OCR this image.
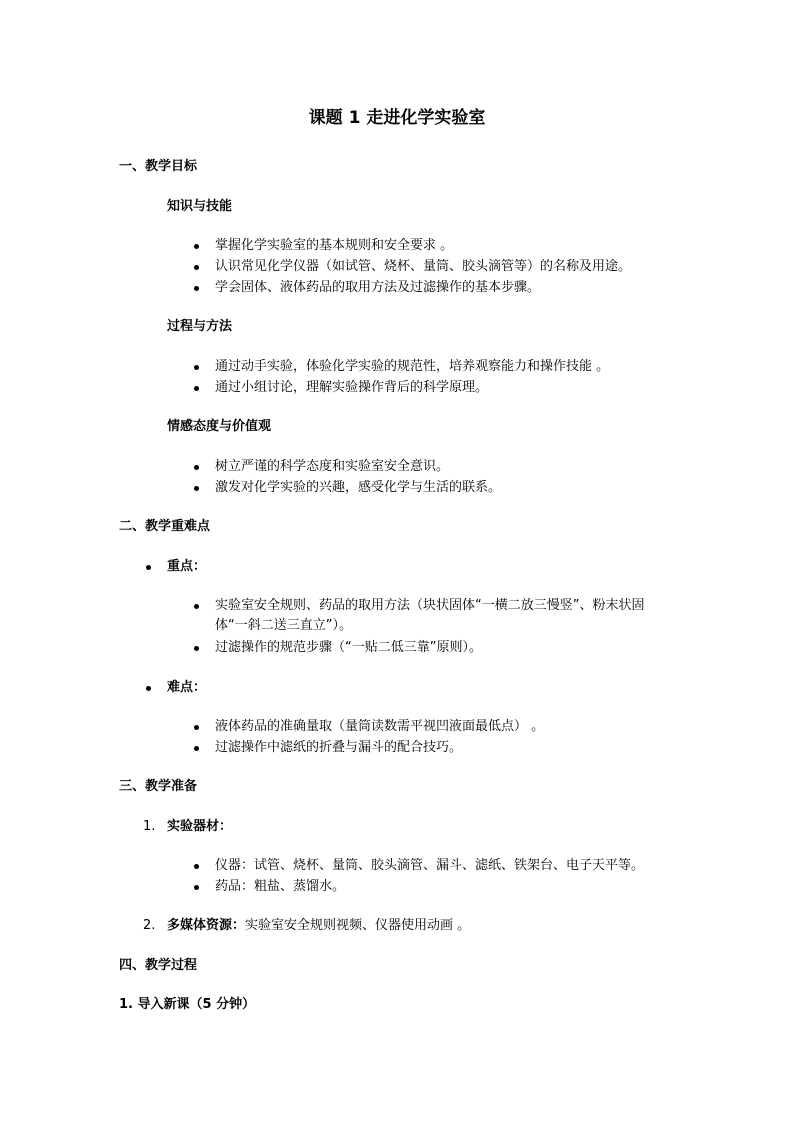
课题 1 走进化学实验室
一、教学目标
知识与技能
掌握化学实验室的基本规则和安全要求 。
认识常见化学仪器（如试管、烧杯、量筒、胶头滴管等）的名称及用途。
学会固体、液体药品的取用方法及过滤操作的基本步骤。
过程与方法
通过动手实验，体验化学实验的规范性，培养观察能力和操作技能 。
通过小组讨论，理解实验操作背后的科学原理。
情感态度与价值观
树立严谨的科学态度和实验室安全意识。
激发对化学实验的兴趣，感受化学与生活的联系。
二、教学重难点
重点：
实验室安全规则、药品的取用方法（块状固体“一横二放三慢竖”、粉末状固
体“一斜二送三直立”）。
过滤操作的规范步骤（“一贴二低三靠”原则）。
难点：
液体药品的准确量取（量筒读数需平视凹液面最低点） 。
过滤操作中滤纸的折叠与漏斗的配合技巧。
三、教学准备
1. 实验器材：
仪器：试管、烧杯、量筒、胶头滴管、漏斗、滤纸、铁架台、电子天平等。
药品：粗盐、蒸馏水。
2. 多媒体资源：实验室安全规则视频、仪器使用动画 。
四、教学过程
1. 导入新课（5 分钟）
